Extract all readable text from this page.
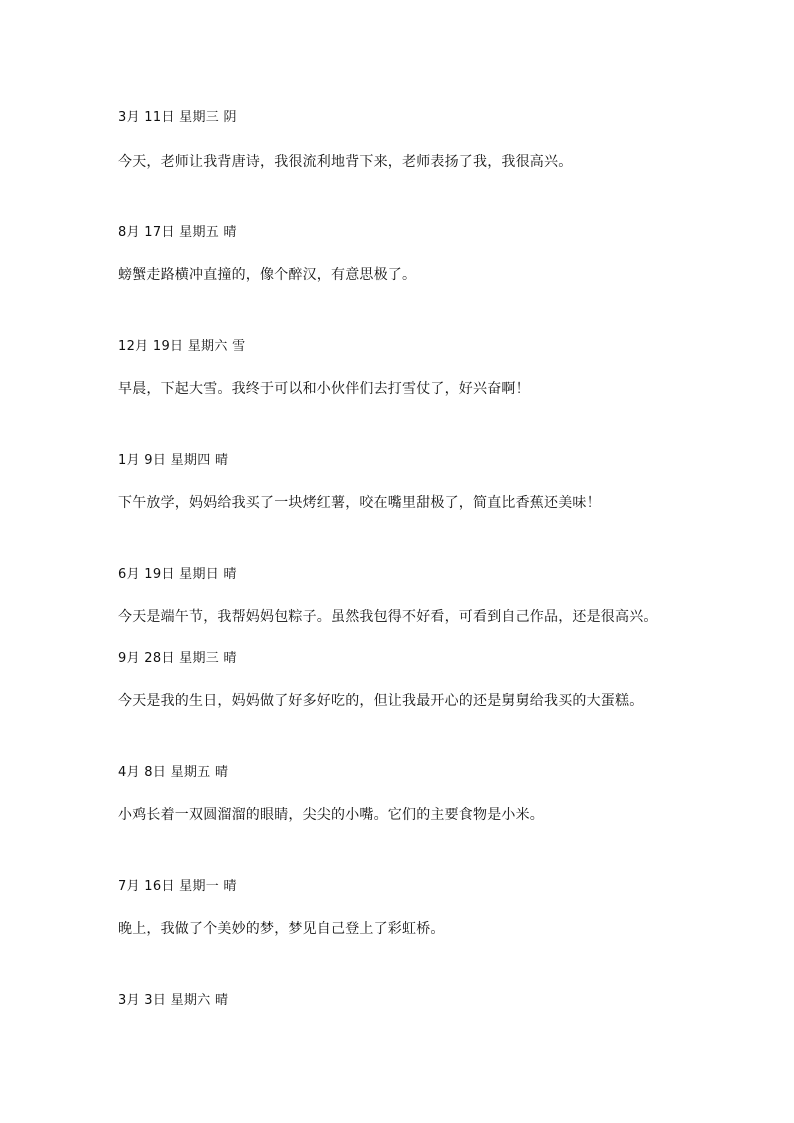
3月 11日 星期三 阴
今天，老师让我背唐诗，我很流利地背下来，老师表扬了我，我很高兴。
8月 17日 星期五 晴
螃蟹走路横冲直撞的，像个醉汉，有意思极了。
12月 19日 星期六 雪
早晨，下起大雪。我终于可以和小伙伴们去打雪仗了，好兴奋啊！
1月 9日 星期四 晴
下午放学，妈妈给我买了一块烤红薯，咬在嘴里甜极了，简直比香蕉还美味！
6月 19日 星期日 晴
今天是端午节，我帮妈妈包粽子。虽然我包得不好看，可看到自己作品，还是很高兴。
9月 28日 星期三 晴
今天是我的生日，妈妈做了好多好吃的，但让我最开心的还是舅舅给我买的大蛋糕。
4月 8日 星期五 晴
小鸡长着一双圆溜溜的眼睛，尖尖的小嘴。它们的主要食物是小米。
7月 16日 星期一 晴
晚上，我做了个美妙的梦，梦见自己登上了彩虹桥。
3月 3日 星期六 晴
